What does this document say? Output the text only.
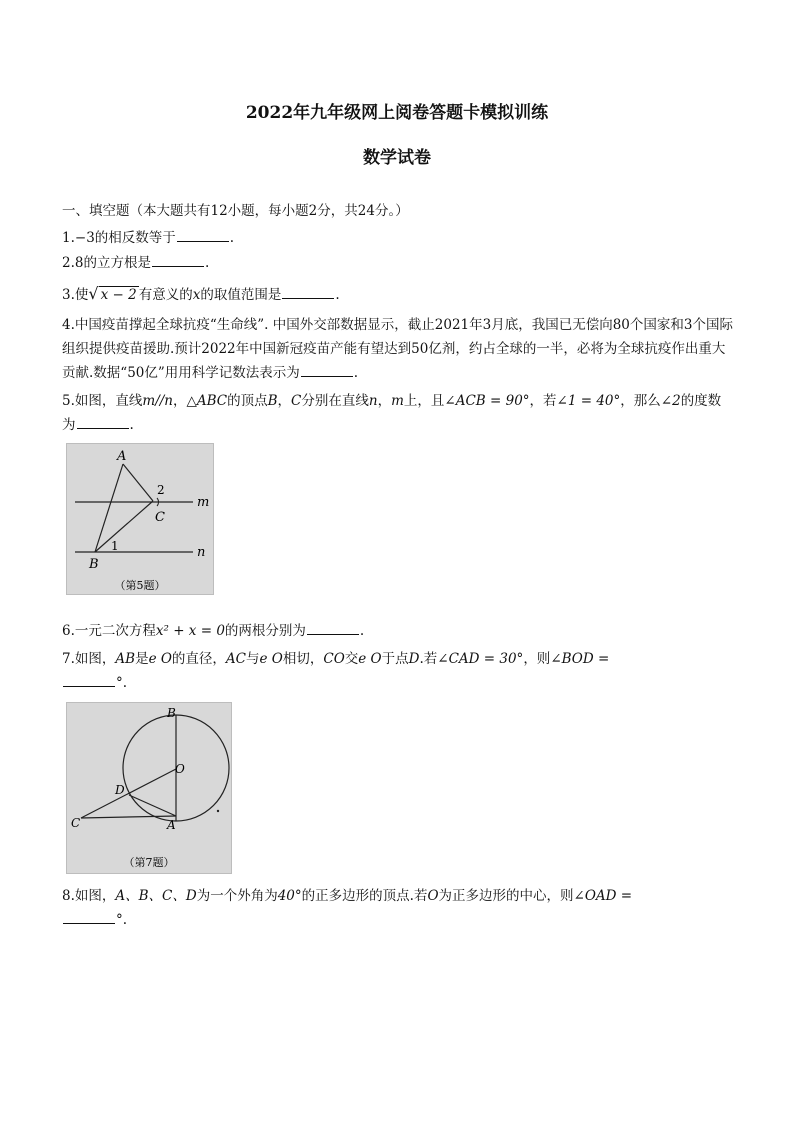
2022年九年级网上阅卷答题卡模拟训练
数学试卷
一、填空题（本大题共有12小题，每小题2分，共24分。）
1.−3的相反数等于	.
2.8的立方根是	.
3.使√ x − 2 有意义的x的取值范围是	.
4.中国疫苗撑起全球抗疫“生命线”. 中国外交部数据显示，截止2021年3月底，我国已无偿向80个国家和3个国际组织提供疫苗援助.预计2022年中国新冠疫苗产能有望达到50亿剂，约占全球的一半，必将为全球抗疫作出重大贡献.数据“50亿”用用科学记数法表示为	.
5.如图，直线m//n，△ABC的顶点B，C分别在直线n，m上，且∠ACB = 90°，若∠1 = 40°，那么∠2的度数为	.
A
C
B
m
n
1
2
（第5题）
6.一元二次方程x² + x = 0的两根分别为	.
7.如图，AB是e O的直径，AC与e O相切，CO交e O于点D.若∠CAD = 30°，则∠BOD =
°.
B
O
D
C	A
（第7题）
8.如图，A、B、C、D为一个外角为40°的正多边形的顶点.若O为正多边形的中心，则∠OAD =
°.
